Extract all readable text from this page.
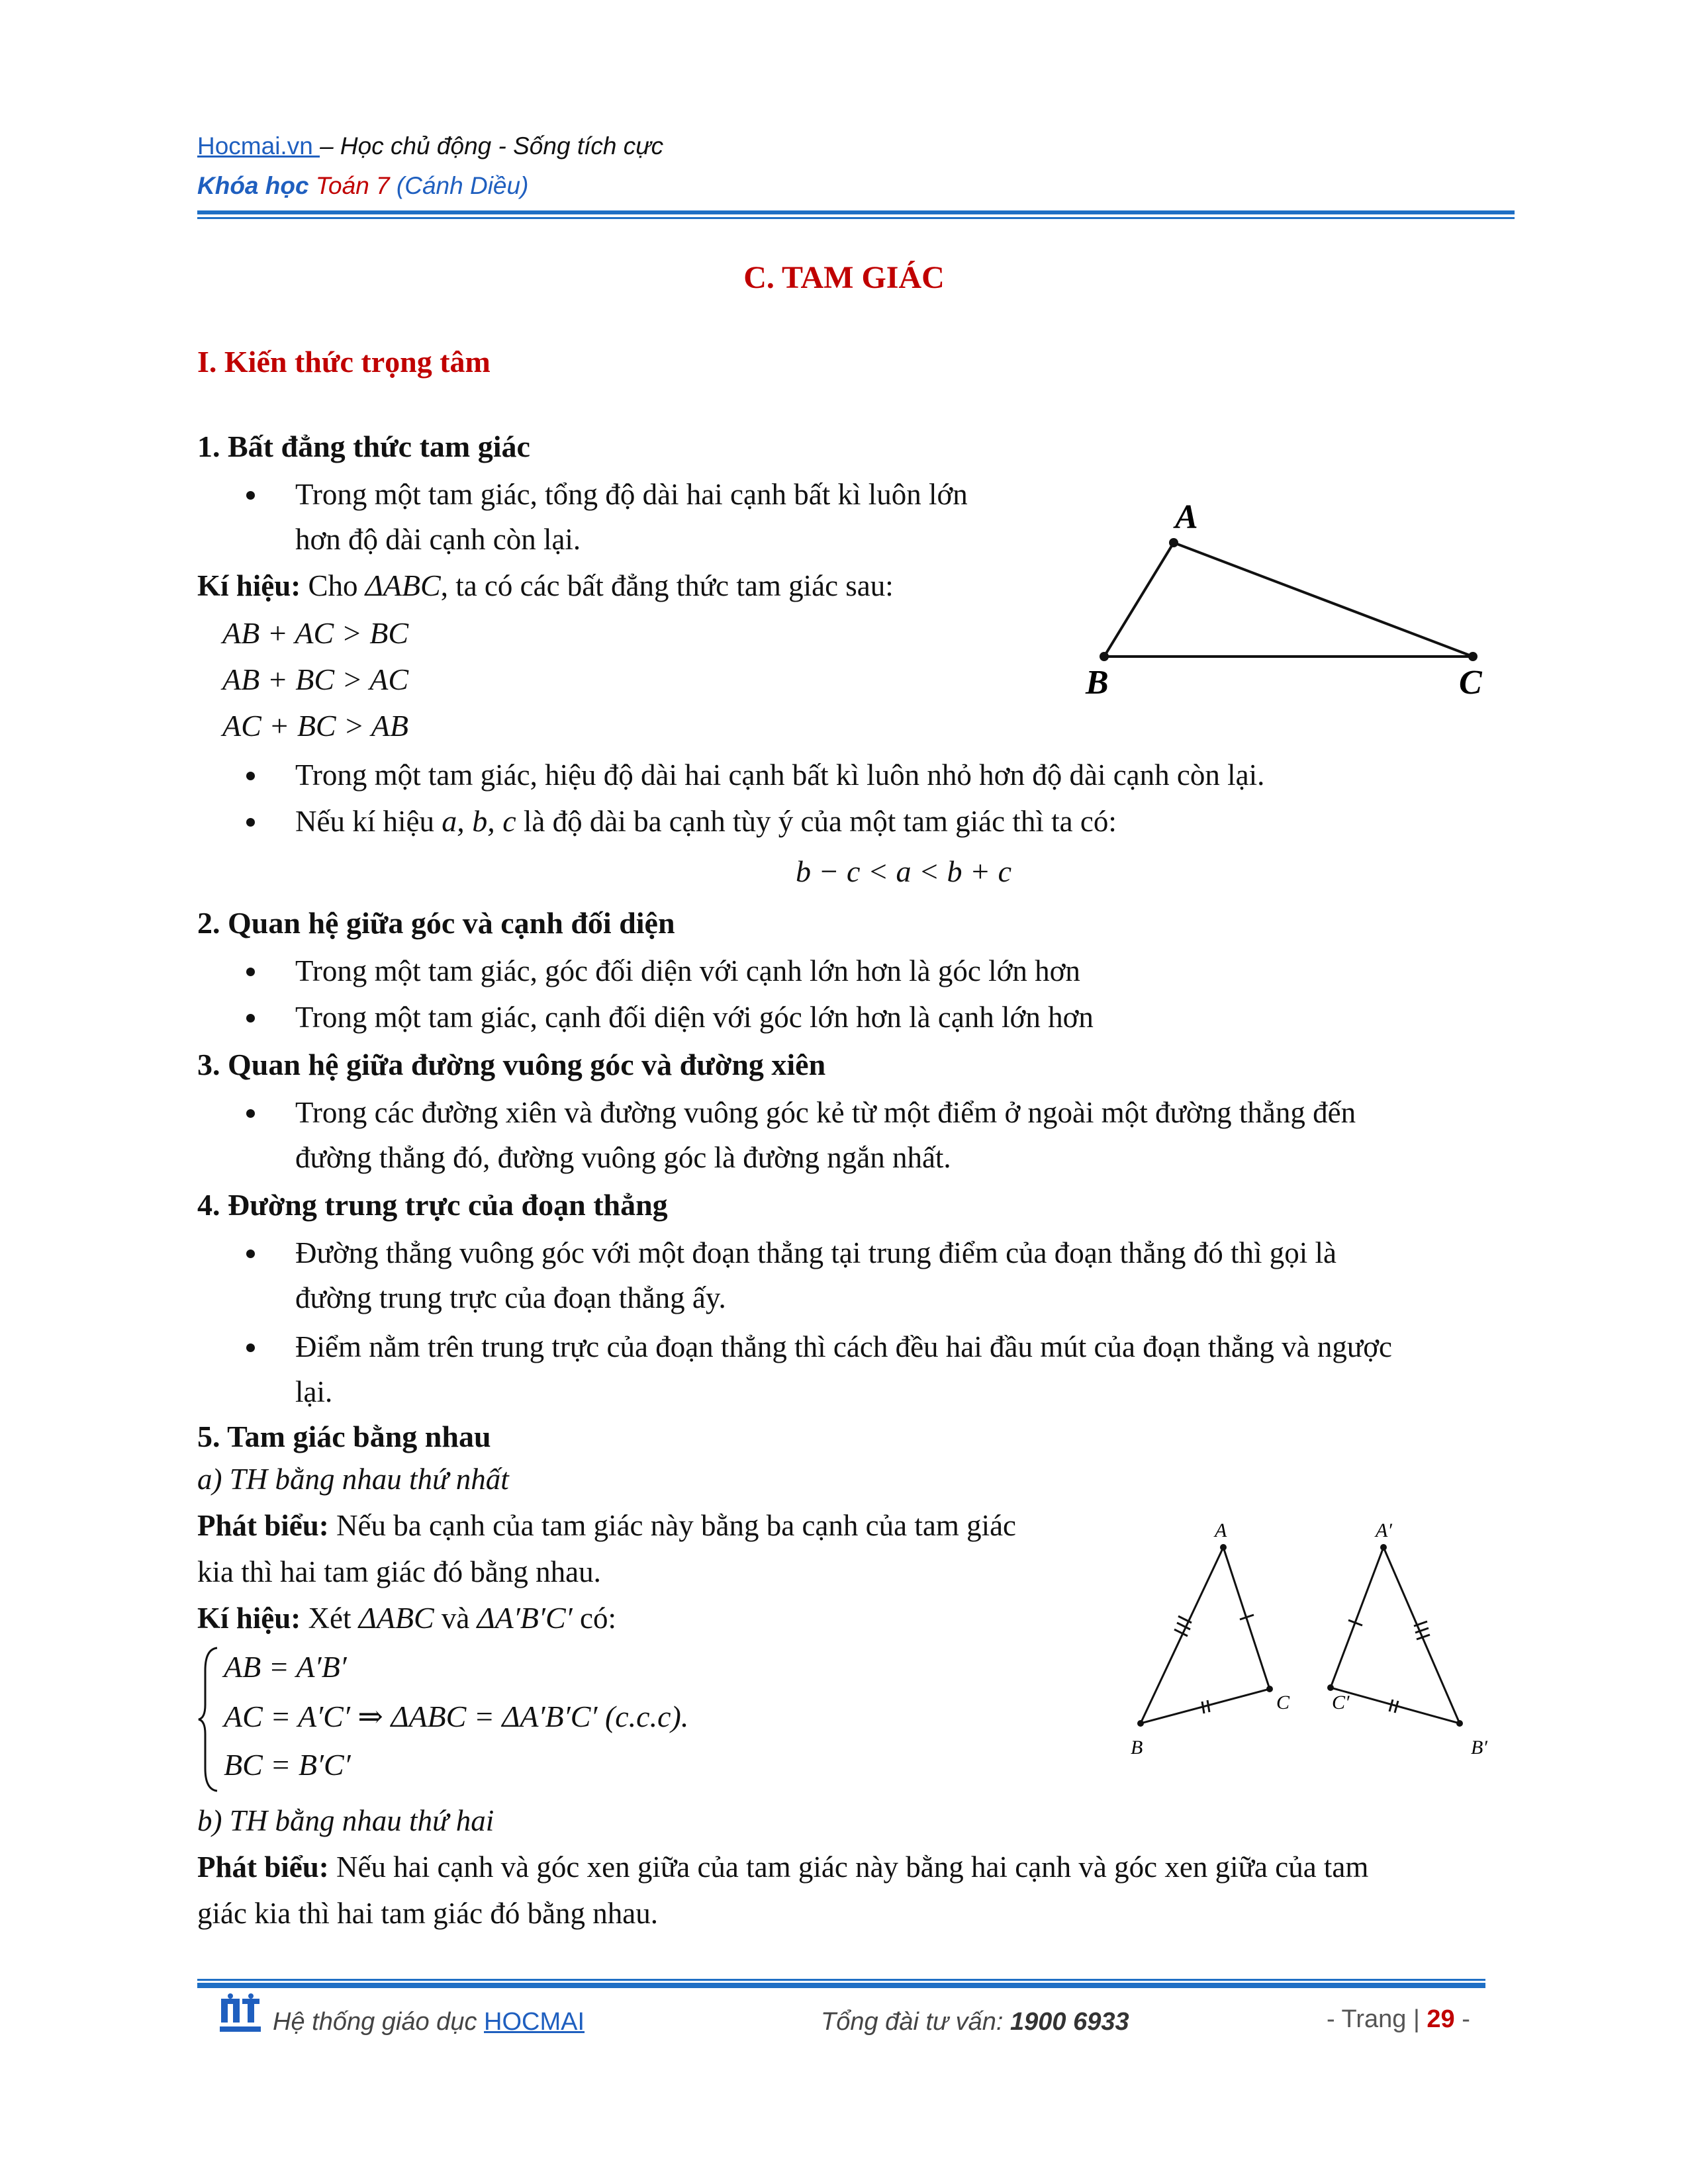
Hocmai.vn – Học chủ động - Sống tích cực
Khóa học Toán 7 (Cánh Diều)
C. TAM GIÁC
I. Kiến thức trọng tâm
1. Bất đẳng thức tam giác
Trong một tam giác, tổng độ dài hai cạnh bất kì luôn lớn
hơn độ dài cạnh còn lại.
Kí hiệu: Cho ΔABC, ta có các bất đẳng thức tam giác sau:
AB + AC > BC
AB + BC > AC
AC + BC > AB
A
B	C
Trong một tam giác, hiệu độ dài hai cạnh bất kì luôn nhỏ hơn độ dài cạnh còn lại.
Nếu kí hiệu a, b, c là độ dài ba cạnh tùy ý của một tam giác thì ta có:
b − c < a < b + c
2. Quan hệ giữa góc và cạnh đối diện
Trong một tam giác, góc đối diện với cạnh lớn hơn là góc lớn hơn
Trong một tam giác, cạnh đối diện với góc lớn hơn là cạnh lớn hơn
3. Quan hệ giữa đường vuông góc và đường xiên
Trong các đường xiên và đường vuông góc kẻ từ một điểm ở ngoài một đường thẳng đến
đường thẳng đó, đường vuông góc là đường ngắn nhất.
4. Đường trung trực của đoạn thẳng
Đường thẳng vuông góc với một đoạn thẳng tại trung điểm của đoạn thẳng đó thì gọi là
đường trung trực của đoạn thẳng ấy.
Điểm nằm trên trung trực của đoạn thẳng thì cách đều hai đầu mút của đoạn thẳng và ngược
lại.
5. Tam giác bằng nhau
a) TH bằng nhau thứ nhất
Phát biểu: Nếu ba cạnh của tam giác này bằng ba cạnh của tam giác
kia thì hai tam giác đó bằng nhau.
Kí hiệu: Xét ΔABC và ΔA′B′C′ có:
AB = A′B′
AC = A′C′ ⇒ ΔABC = ΔA′B′C′ (c.c.c).
BC = B′C′
A
B
C
A′
C′
B′
b) TH bằng nhau thứ hai
Phát biểu: Nếu hai cạnh và góc xen giữa của tam giác này bằng hai cạnh và góc xen giữa của tam
giác kia thì hai tam giác đó bằng nhau.
Hệ thống giáo dục HOCMAI	Tổng đài tư vấn: 1900 6933	- Trang | 29 -
